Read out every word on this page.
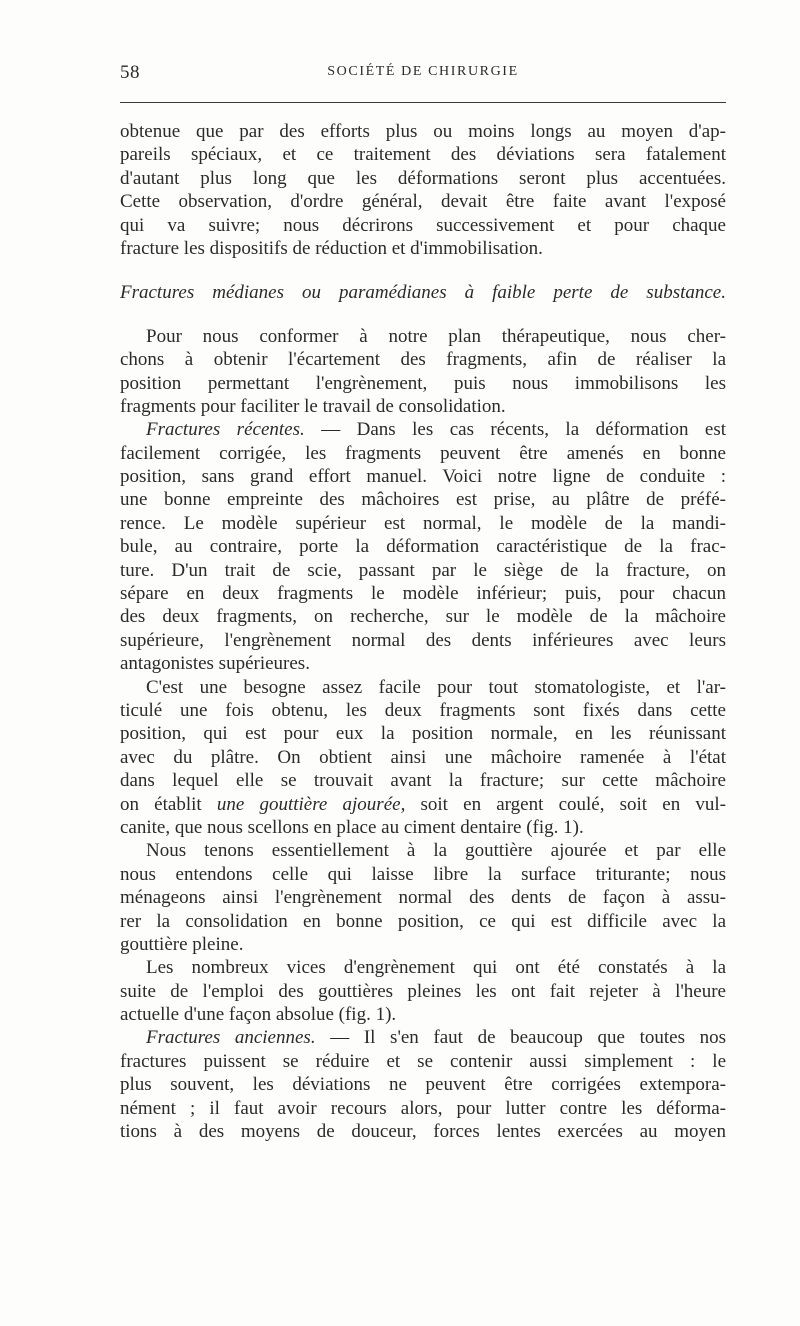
58	SOCIÉTÉ DE CHIRURGIE
obtenue que par des efforts plus ou moins longs au moyen d'ap-
pareils spéciaux, et ce traitement des déviations sera fatalement
d'autant plus long que les déformations seront plus accentuées.
Cette observation, d'ordre général, devait être faite avant l'exposé
qui va suivre; nous décrirons successivement et pour chaque
fracture les dispositifs de réduction et d'immobilisation.
Fractures médianes ou paramédianes à faible perte de substance.
Pour nous conformer à notre plan thérapeutique, nous cher-
chons à obtenir l'écartement des fragments, afin de réaliser la
position permettant l'engrènement, puis nous immobilisons les
fragments pour faciliter le travail de consolidation.
Fractures récentes. — Dans les cas récents, la déformation est
facilement corrigée, les fragments peuvent être amenés en bonne
position, sans grand effort manuel. Voici notre ligne de conduite :
une bonne empreinte des mâchoires est prise, au plâtre de préfé-
rence. Le modèle supérieur est normal, le modèle de la mandi-
bule, au contraire, porte la déformation caractéristique de la frac-
ture. D'un trait de scie, passant par le siège de la fracture, on
sépare en deux fragments le modèle inférieur; puis, pour chacun
des deux fragments, on recherche, sur le modèle de la mâchoire
supérieure, l'engrènement normal des dents inférieures avec leurs
antagonistes supérieures.
C'est une besogne assez facile pour tout stomatologiste, et l'ar-
ticulé une fois obtenu, les deux fragments sont fixés dans cette
position, qui est pour eux la position normale, en les réunissant
avec du plâtre. On obtient ainsi une mâchoire ramenée à l'état
dans lequel elle se trouvait avant la fracture; sur cette mâchoire
on établit une gouttière ajourée, soit en argent coulé, soit en vul-
canite, que nous scellons en place au ciment dentaire (fig. 1).
Nous tenons essentiellement à la gouttière ajourée et par elle
nous entendons celle qui laisse libre la surface triturante; nous
ménageons ainsi l'engrènement normal des dents de façon à assu-
rer la consolidation en bonne position, ce qui est difficile avec la
gouttière pleine.
Les nombreux vices d'engrènement qui ont été constatés à la
suite de l'emploi des gouttières pleines les ont fait rejeter à l'heure
actuelle d'une façon absolue (fig. 1).
Fractures anciennes. — Il s'en faut de beaucoup que toutes nos
fractures puissent se réduire et se contenir aussi simplement : le
plus souvent, les déviations ne peuvent être corrigées extempora-
nément ; il faut avoir recours alors, pour lutter contre les déforma-
tions à des moyens de douceur, forces lentes exercées au moyen
